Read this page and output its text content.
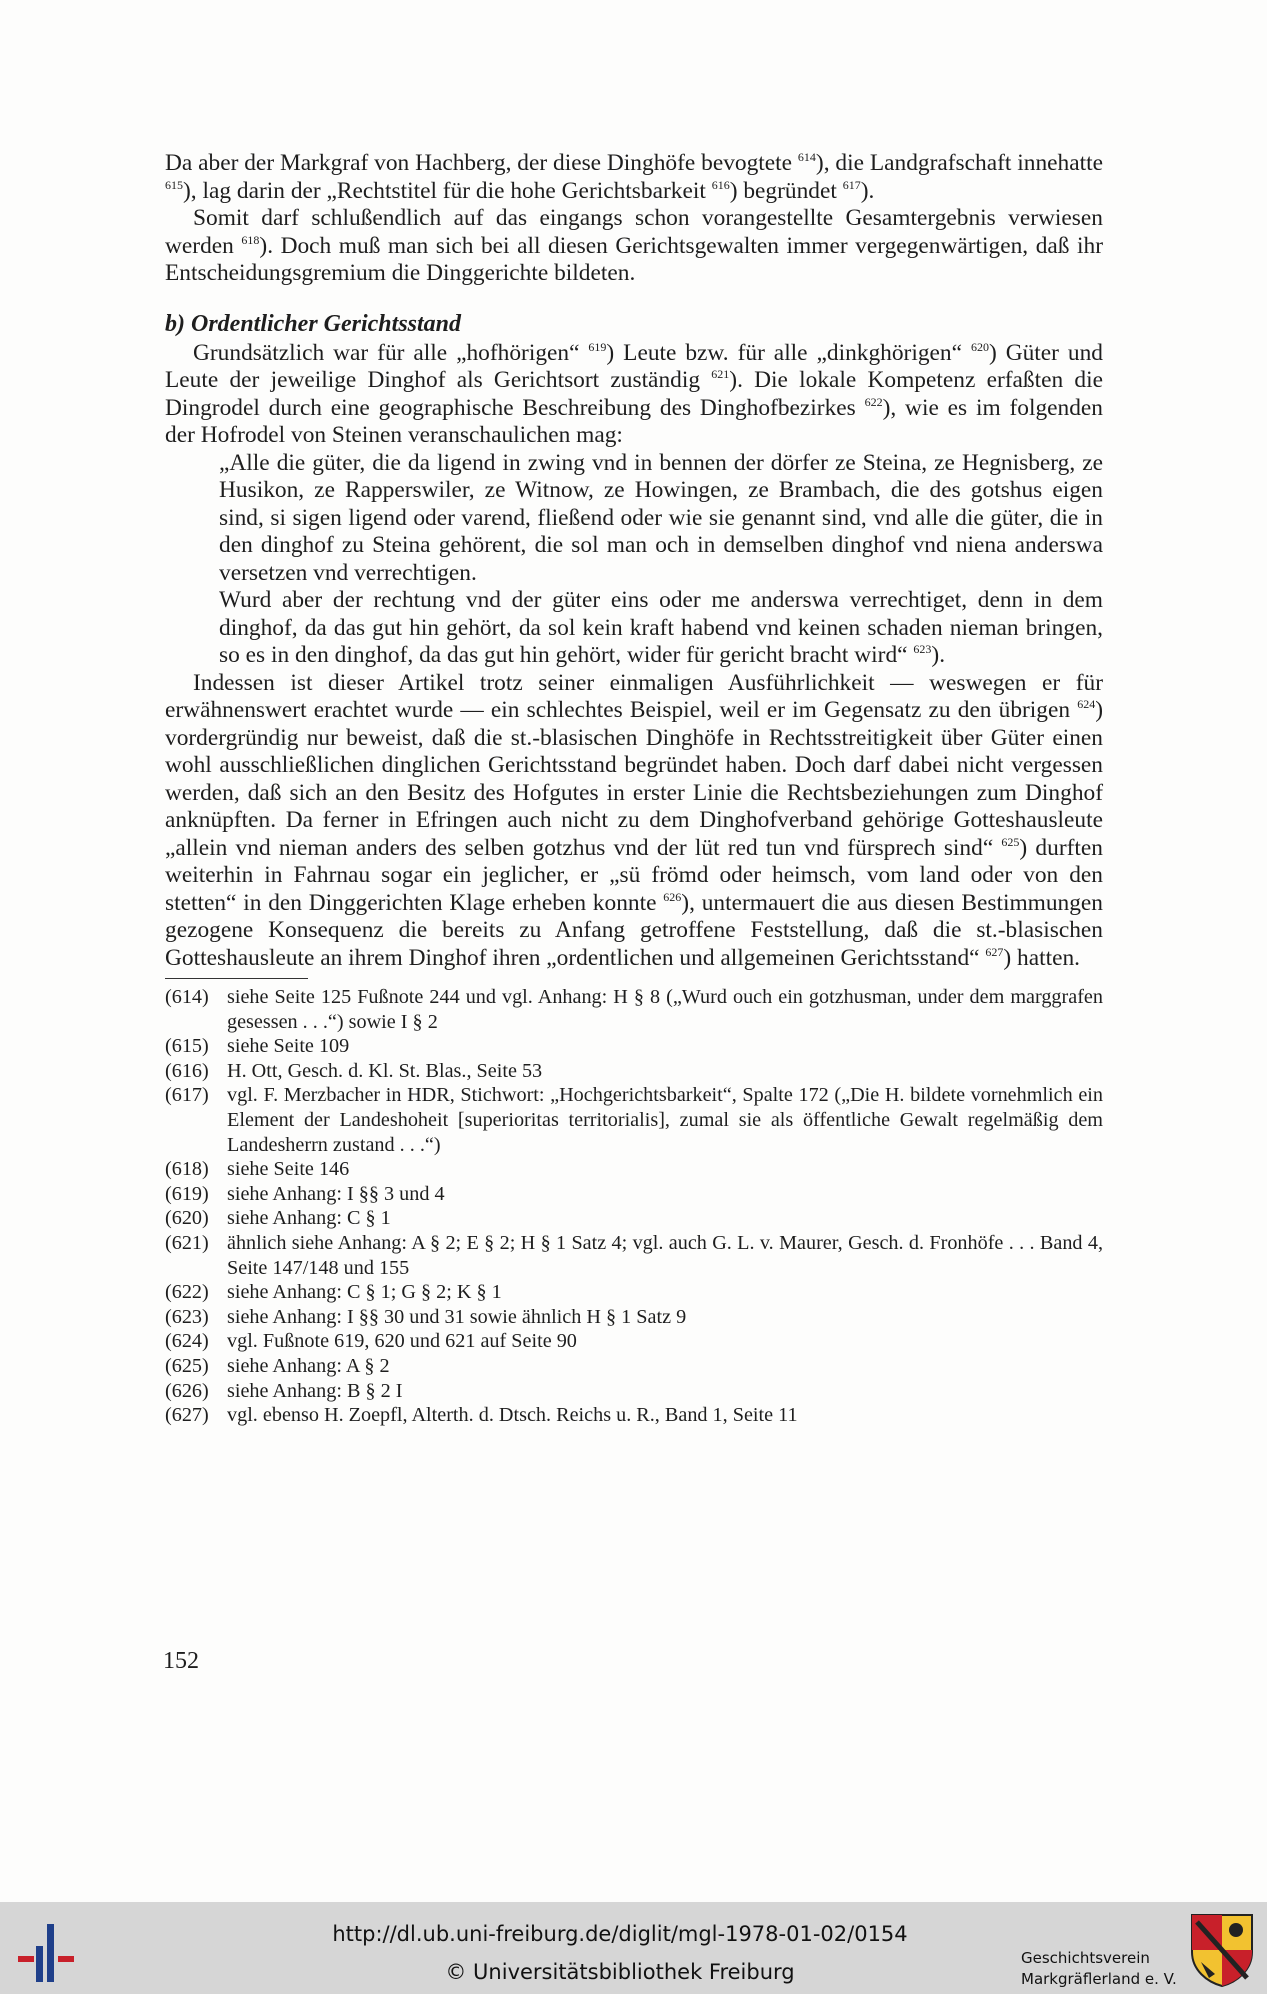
Da aber der Markgraf von Hachberg, der diese Dinghöfe bevogtete $^{614}$), die Landgrafschaft innehatte $^{615}$), lag darin der „Rechtstitel für die hohe Gerichtsbarkeit $^{616}$) begründet $^{617}$).

Somit darf schlußendlich auf das eingangs schon vorangestellte Gesamtergebnis verwiesen werden $^{618}$). Doch muß man sich bei all diesen Gerichtsgewalten immer vergegenwärtigen, daß ihr Entscheidungsgremium die Dinggerichte bildeten.

b) Ordentlicher Gerichtsstand

Grundsätzlich war für alle „hofhörigen“ $^{619}$) Leute bzw. für alle „dinkghörigen“ $^{620}$) Güter und Leute der jeweilige Dinghof als Gerichtsort zuständig $^{621}$). Die lokale Kompetenz erfaßten die Dingrodel durch eine geographische Beschreibung des Dinghofbezirkes $^{622}$), wie es im folgenden der Hofrodel von Steinen veranschaulichen mag:

„Alle die güter, die da ligend in zwing vnd in bennen der dörfer ze Steina, ze Hegnisberg, ze Husikon, ze Rapperswiler, ze Witnow, ze Howingen, ze Brambach, die des gotshus eigen sind, si sigen ligend oder varend, fließend oder wie sie genannt sind, vnd alle die güter, die in den dinghof zu Steina gehörent, die sol man och in demselben dinghof vnd niena anderswa versetzen vnd verrechtigen.

Wurd aber der rechtung vnd der güter eins oder me anderswa verrechtiget, denn in dem dinghof, da das gut hin gehört, da sol kein kraft habend vnd keinen schaden nieman bringen, so es in den dinghof, da das gut hin gehört, wider für gericht bracht wird“ $^{623}$).

Indessen ist dieser Artikel trotz seiner einmaligen Ausführlichkeit — weswegen er für erwähnenswert erachtet wurde — ein schlechtes Beispiel, weil er im Gegensatz zu den übrigen $^{624}$) vordergründig nur beweist, daß die st.-blasischen Dinghöfe in Rechtsstreitigkeit über Güter einen wohl ausschließlichen dinglichen Gerichtsstand begründet haben. Doch darf dabei nicht vergessen werden, daß sich an den Besitz des Hofgutes in erster Linie die Rechtsbeziehungen zum Dinghof anknüpften. Da ferner in Efringen auch nicht zu dem Dinghofverband gehörige Gotteshausleute „allein vnd nieman anders des selben gotzhus vnd der lüt red tun vnd fürsprech sind“ $^{625}$) durften weiterhin in Fahrnau sogar ein jeglicher, er „sü frömd oder heimsch, vom land oder von den stetten“ in den Dinggerichten Klage erheben konnte $^{626}$), untermauert die aus diesen Bestimmungen gezogene Konsequenz die bereits zu Anfang getroffene Feststellung, daß die st.-blasischen Gotteshausleute an ihrem Dinghof ihren „ordentlichen und allgemeinen Gerichtsstand“ $^{627}$) hatten.

(614) siehe Seite 125 Fußnote 244 und vgl. Anhang: H § 8 („Wurd ouch ein gotzhusman, under dem marggrafen gesessen . . .“) sowie I § 2
(615) siehe Seite 109
(616) H. Ott, Gesch. d. Kl. St. Blas., Seite 53
(617) vgl. F. Merzbacher in HDR, Stichwort: „Hochgerichtsbarkeit“, Spalte 172 („Die H. bildete vornehmlich ein Element der Landeshoheit [superioritas territorialis], zumal sie als öffentliche Gewalt regelmäßig dem Landesherrn zustand . . .“)
(618) siehe Seite 146
(619) siehe Anhang: I §§ 3 und 4
(620) siehe Anhang: C § 1
(621) ähnlich siehe Anhang: A § 2; E § 2; H § 1 Satz 4; vgl. auch G. L. v. Maurer, Gesch. d. Fronhöfe . . . Band 4, Seite 147/148 und 155
(622) siehe Anhang: C § 1; G § 2; K § 1
(623) siehe Anhang: I §§ 30 und 31 sowie ähnlich H § 1 Satz 9
(624) vgl. Fußnote 619, 620 und 621 auf Seite 90
(625) siehe Anhang: A § 2
(626) siehe Anhang: B § 2 I
(627) vgl. ebenso H. Zoepfl, Alterth. d. Dtsch. Reichs u. R., Band 1, Seite 11
152
http://dl.ub.uni-freiburg.de/diglit/mgl-1978-01-02/0154
© Universitätsbibliothek Freiburg
Geschichtsverein
Markgräflerland e. V.
